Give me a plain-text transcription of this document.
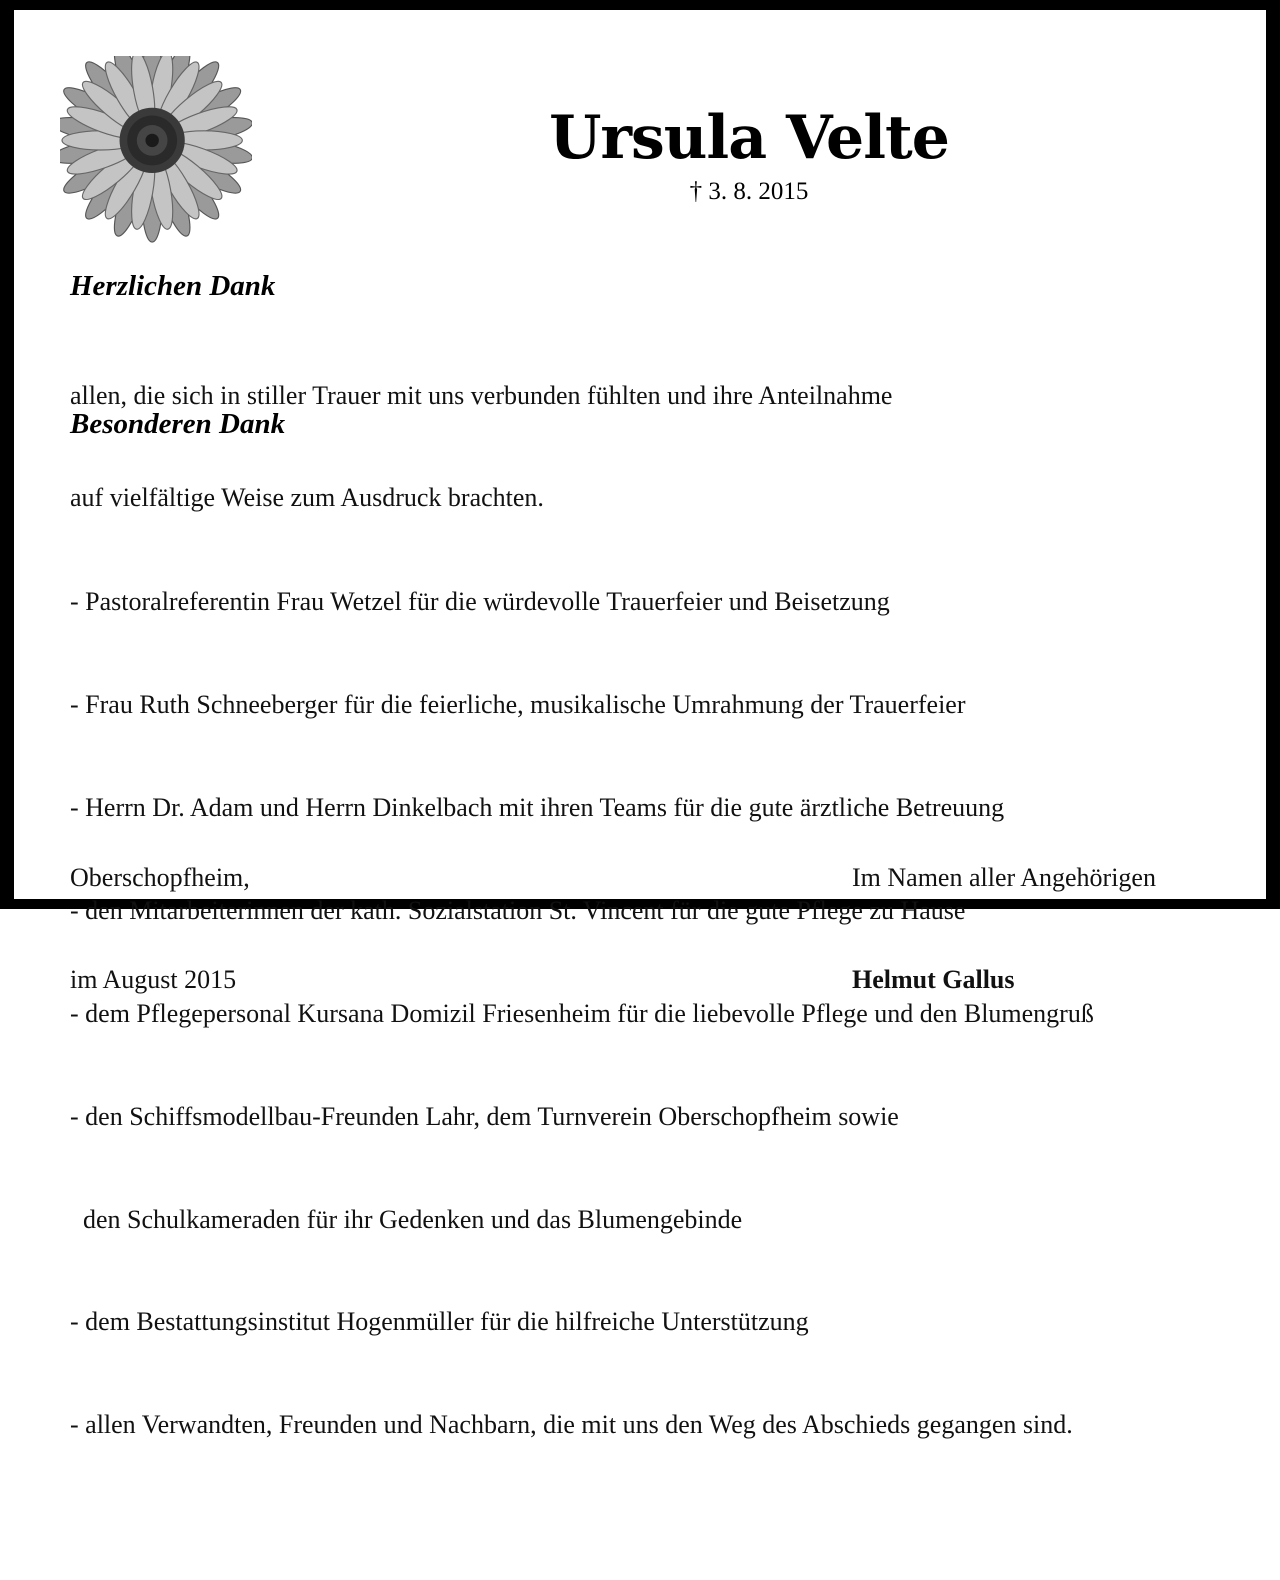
Ursula Velte
† 3. 8. 2015
Herzlichen Dank

allen, die sich in stiller Trauer mit uns verbunden fühlten und ihre Anteilnahme

auf vielfältige Weise zum Ausdruck brachten.

Besonderen Dank

- Pastoralreferentin Frau Wetzel für die würdevolle Trauerfeier und Beisetzung

- Frau Ruth Schneeberger für die feierliche, musikalische Umrahmung der Trauerfeier

- Herrn Dr. Adam und Herrn Dinkelbach mit ihren Teams für die gute ärztliche Betreuung

- den Mitarbeiterinnen der kath. Sozialstation St. Vincent für die gute Pflege zu Hause

- dem Pflegepersonal Kursana Domizil Friesenheim für die liebevolle Pflege und den Blumengruß

- den Schiffsmodellbau-Freunden Lahr, dem Turnverein Oberschopfheim sowie

den Schulkameraden für ihr Gedenken und das Blumengebinde

- dem Bestattungsinstitut Hogenmüller für die hilfreiche Unterstützung

- allen Verwandten, Freunden und Nachbarn, die mit uns den Weg des Abschieds gegangen sind.

Oberschopfheim,

im August 2015

Im Namen aller Angehörigen

Helmut Gallus
